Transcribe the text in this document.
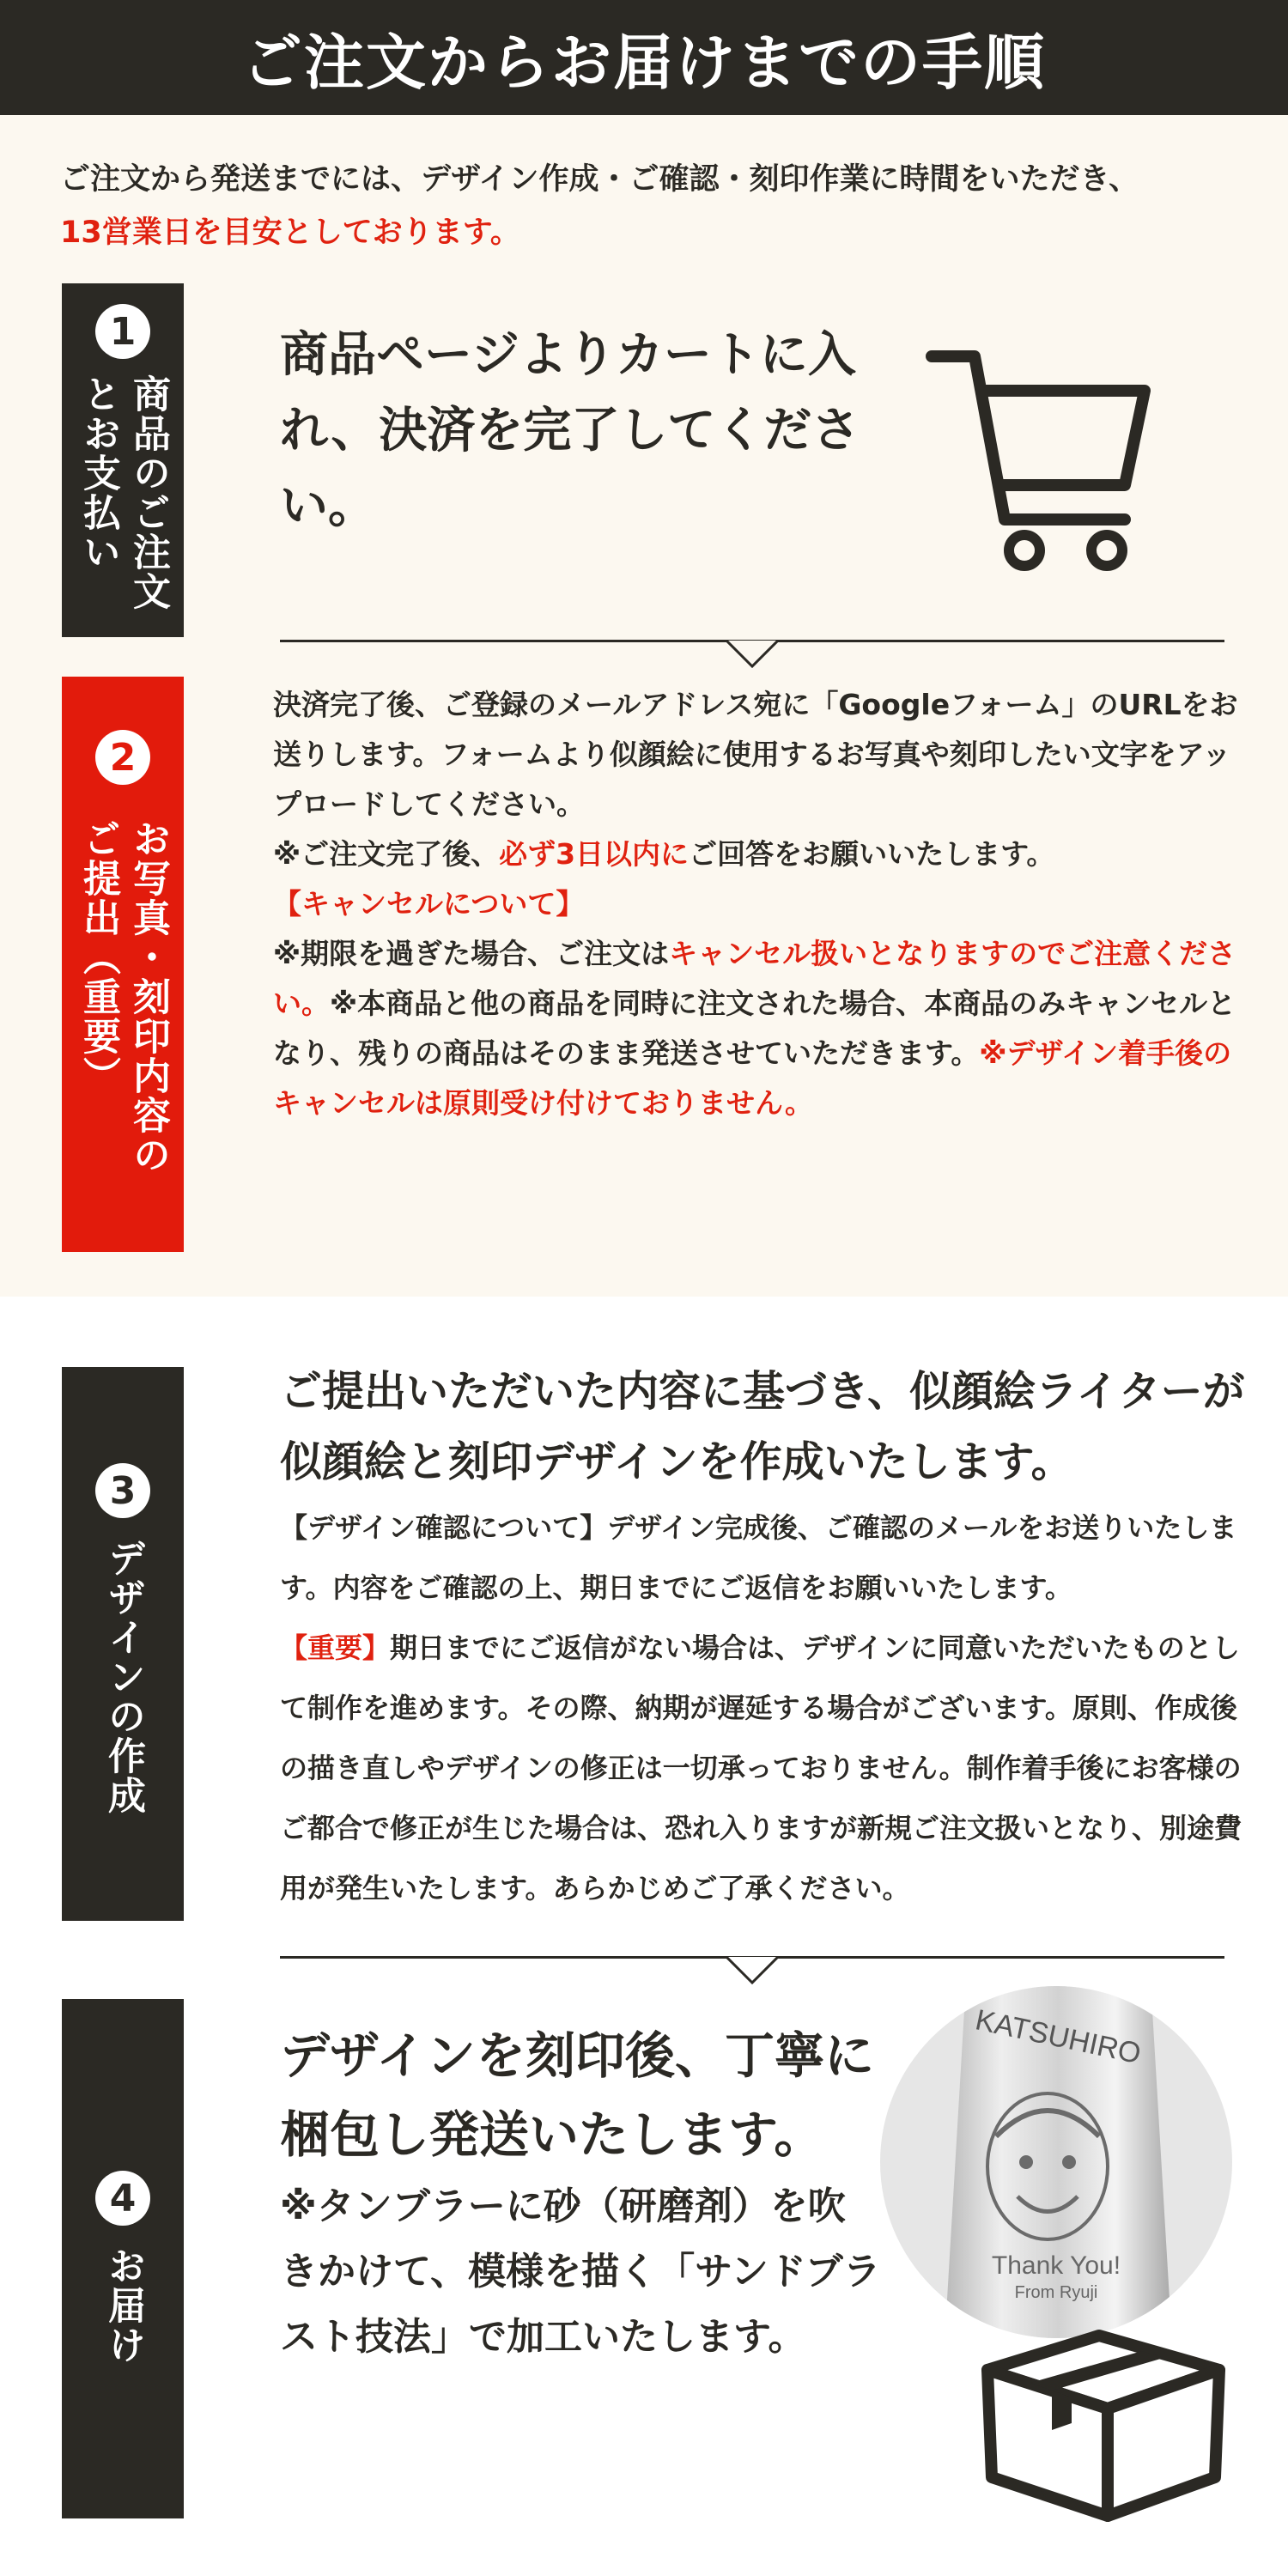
ご注文からお届けまでの手順
ご注文から発送までには、デザイン作成・ご確認・刻印作業に時間をいただき、
13営業日を目安としております。
1
商品のご注文
とお支払い
商品ページよりカートに入れ、決済を完了してください。
2
お写真・刻印内容の
ご提出（重要）
決済完了後、ご登録のメールアドレス宛に「Googleフォーム」のURLをお送りします。フォームより似顔絵に使用するお写真や刻印したい文字をアップロードしてください。
※ご注文完了後、必ず3日以内にご回答をお願いいたします。
【キャンセルについて】
※期限を過ぎた場合、ご注文はキャンセル扱いとなりますのでご注意ください。※本商品と他の商品を同時に注文された場合、本商品のみキャンセルとなり、残りの商品はそのまま発送させていただきます。※デザイン着手後のキャンセルは原則受け付けておりません。
3
デザインの作成
ご提出いただいた内容に基づき、似顔絵ライターが似顔絵と刻印デザインを作成いたします。
【デザイン確認について】デザイン完成後、ご確認のメールをお送りいたします。内容をご確認の上、期日までにご返信をお願いいたします。
【重要】期日までにご返信がない場合は、デザインに同意いただいたものとして制作を進めます。その際、納期が遅延する場合がございます。原則、作成後の描き直しやデザインの修正は一切承っておりません。制作着手後にお客様のご都合で修正が生じた場合は、恐れ入りますが新規ご注文扱いとなり、別途費用が発生いたします。あらかじめご了承ください。
4
お届け
デザインを刻印後、丁寧に梱包し発送いたします。
※タンブラーに砂（研磨剤）を吹きかけて、模様を描く「サンドブラスト技法」で加工いたします。
KATSUHIRO
Thank You!
From Ryuji
